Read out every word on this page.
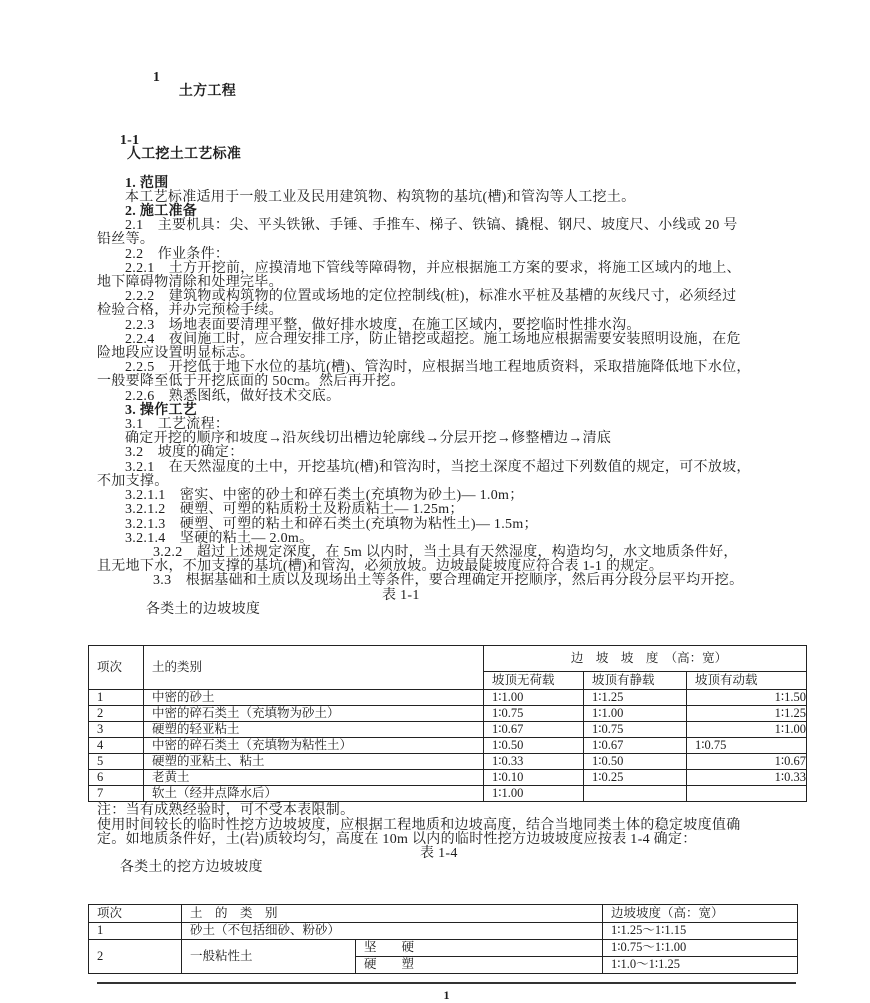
1
土方工程

1-1
人工挖土工艺标准

1. 范围
本工艺标准适用于一般工业及民用建筑物、构筑物的基坑(槽)和管沟等人工挖土。
2. 施工准备
2.1　主要机具：尖、平头铁锹、手锤、手推车、梯子、铁镐、撬棍、钢尺、坡度尺、小线或 20 号
铅丝等。
2.2　作业条件：
2.2.1　土方开挖前，应摸清地下管线等障碍物，并应根据施工方案的要求，将施工区域内的地上、
地下障碍物清除和处理完毕。
2.2.2　建筑物或构筑物的位置或场地的定位控制线(桩)，标准水平桩及基槽的灰线尺寸，必须经过
检验合格，并办完预检手续。
2.2.3　场地表面要清理平整，做好排水坡度，在施工区域内，要挖临时性排水沟。
2.2.4　夜间施工时，应合理安排工序，防止错挖或超挖。施工场地应根据需要安装照明设施，在危
险地段应设置明显标志。
2.2.5　开挖低于地下水位的基坑(槽)、管沟时，应根据当地工程地质资料，采取措施降低地下水位，
一般要降至低于开挖底面的 50cm。然后再开挖。
2.2.6　熟悉图纸，做好技术交底。
3. 操作工艺
3.1　工艺流程：
确定开挖的顺序和坡度→沿灰线切出槽边轮廓线→分层开挖→修整槽边→清底
3.2　坡度的确定：
3.2.1　在天然湿度的土中，开挖基坑(槽)和管沟时，当挖土深度不超过下列数值的规定，可不放坡，
不加支撑。
3.2.1.1　密实、中密的砂土和碎石类土(充填物为砂土)— 1.0m；
3.2.1.2　硬塑、可塑的粘质粉土及粉质粘土— 1.25m；
3.2.1.3　硬塑、可塑的粘土和碎石类土(充填物为粘性土)— 1.5m；
3.2.1.4　坚硬的粘土— 2.0m。
3.2.2　超过上述规定深度，在 5m 以内时，当土具有天然湿度，构造均匀，水文地质条件好，
且无地下水，不加支撑的基坑(槽)和管沟，必须放坡。边坡最陡坡度应符合表 1-1 的规定。
3.3　根据基础和土质以及现场出土等条件，要合理确定开挖顺序，然后再分段分层平均开挖。

各类土的边坡坡度

表 1-1

项次	土的类别	边　坡　坡　度　（高：宽）		
		坡顶无荷载	坡顶有静载	坡顶有动载
1	中密的砂土	1∶1.00	1∶1.25	1∶1.50
2	中密的碎石类土（充填物为砂土）	1∶0.75	1∶1.00	1∶1.25
3	硬塑的轻亚粘土	1∶0.67	1∶0.75	1∶1.00
4	中密的碎石类土（充填物为粘性土）	1∶0.50	1∶0.67	1∶0.75
5	硬塑的亚粘土、粘土	1∶0.33	1∶0.50	1∶0.67
6	老黄土	1∶0.10	1∶0.25	1∶0.33
7	软土（经井点降水后）	1∶1.00		
注：当有成熟经验时，可不受本表限制。
使用时间较长的临时性挖方边坡坡度，应根据工程地质和边坡高度，结合当地同类土体的稳定坡度值确
定。如地质条件好，土(岩)质较均匀，高度在 10m 以内的临时性挖方边坡坡度应按表 1-4 确定：

各类土的挖方边坡坡度

表 1-4

项次	土　的　类　别		边坡坡度（高：宽）
1	砂土（不包括细砂、粉砂）		1∶1.25～1∶1.15
2	一般粘性土	坚　　硬	1∶0.75～1∶1.00
		硬　　塑	1∶1.0～1∶1.25
1
